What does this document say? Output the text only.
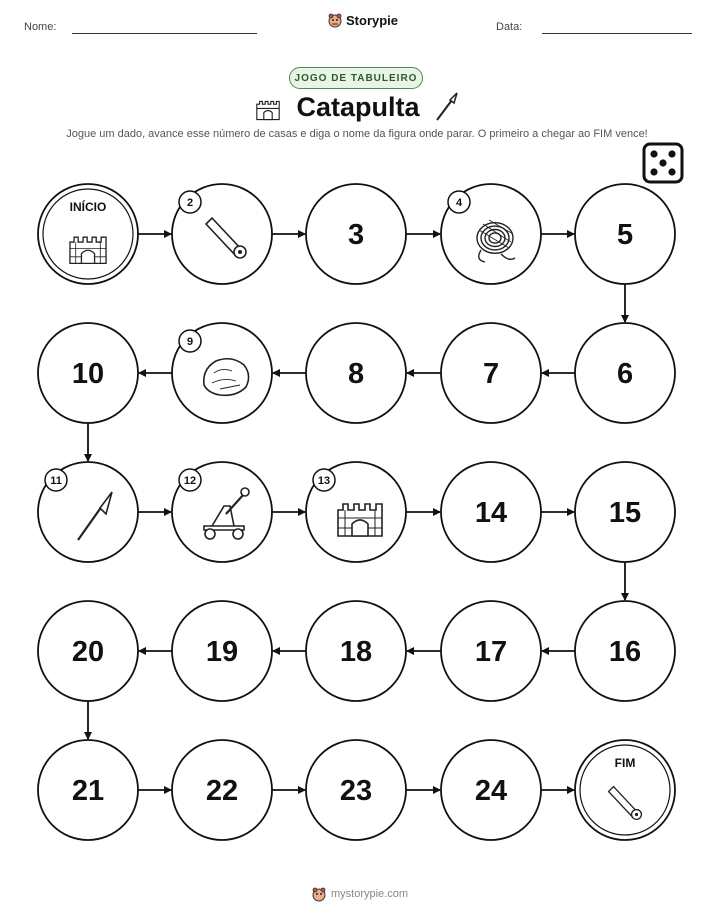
Nome:	Storypie	Data:
JOGO DE TABULEIRO
Catapulta
Jogue um dado, avance esse número de casas e diga o nome da figura onde parar. O primeiro a chegar ao FIM vence!
INÍCIO	2
3
4
5
6
7
8
9
10
11	12	13
14	15
16
17
18
19
20
21	22	23	24
FIM
mystorypie.com
